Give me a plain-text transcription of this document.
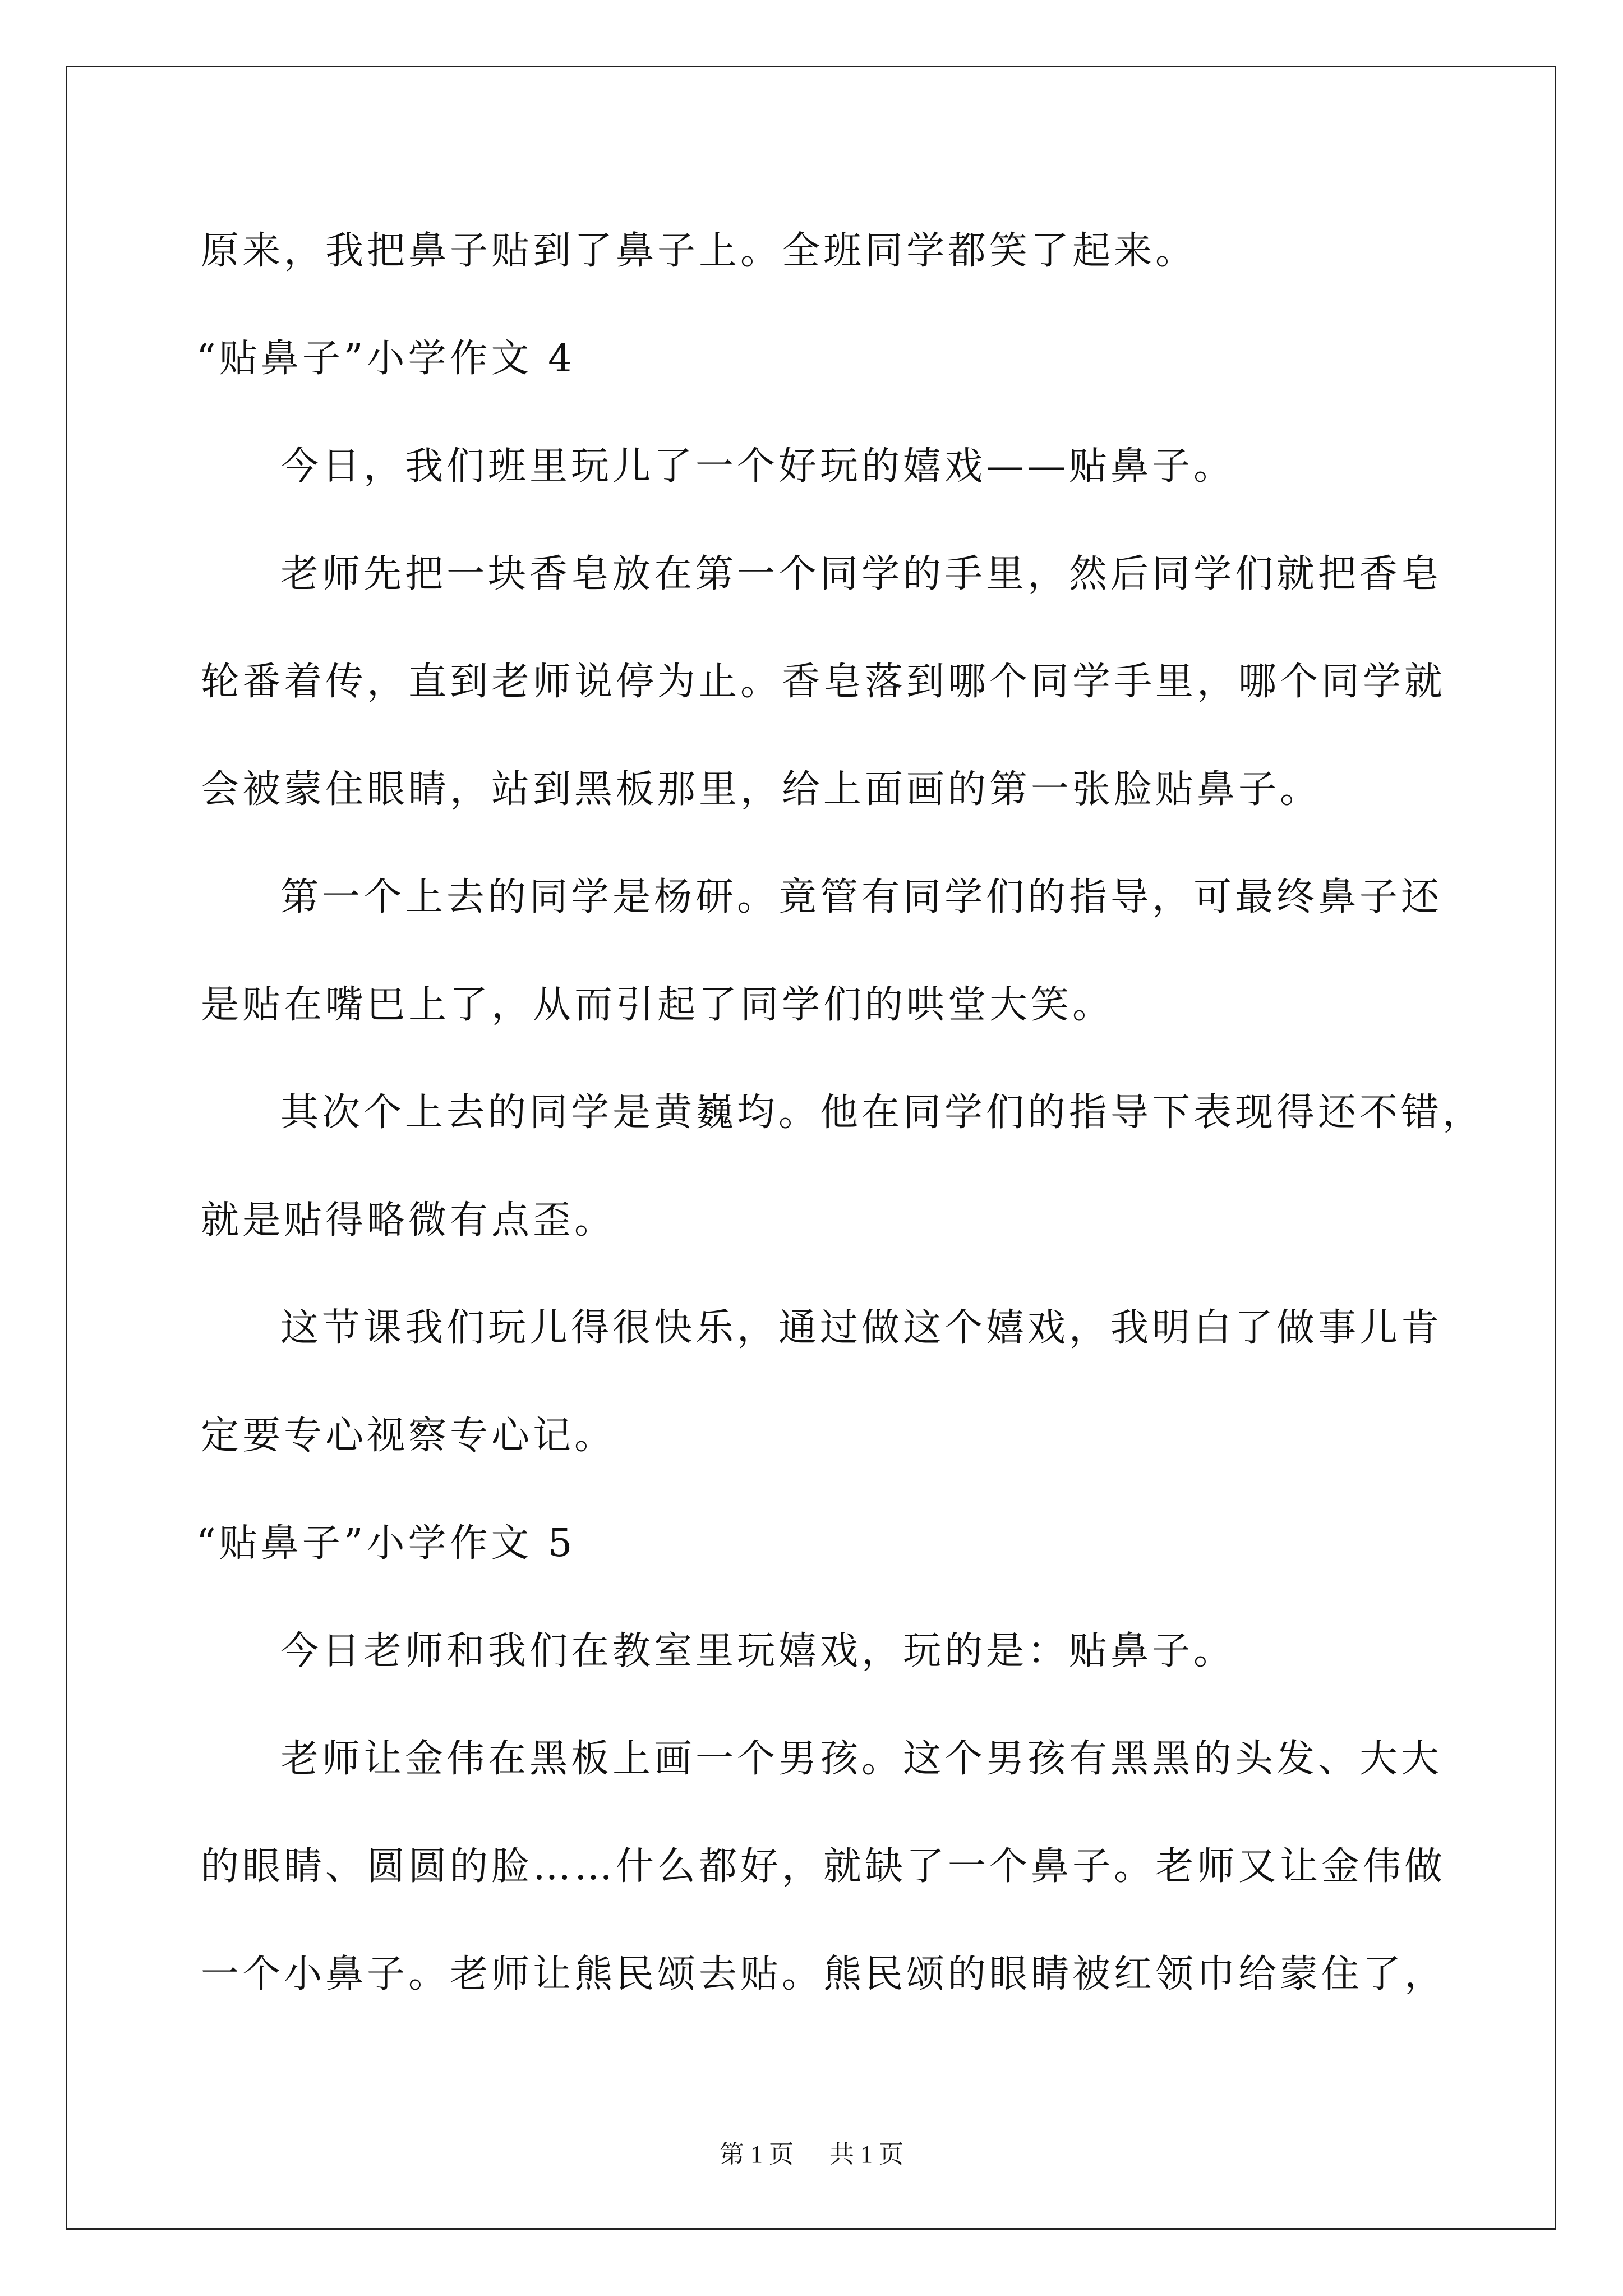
原来，我把鼻子贴到了鼻子上。全班同学都笑了起来。
“贴鼻子”小学作文 4
今日，我们班里玩儿了一个好玩的嬉戏——贴鼻子。
老师先把一块香皂放在第一个同学的手里，然后同学们就把香皂
轮番着传，直到老师说停为止。香皂落到哪个同学手里，哪个同学就
会被蒙住眼睛，站到黑板那里，给上面画的第一张脸贴鼻子。
第一个上去的同学是杨研。竟管有同学们的指导，可最终鼻子还
是贴在嘴巴上了，从而引起了同学们的哄堂大笑。
其次个上去的同学是黄巍均。他在同学们的指导下表现得还不错，
就是贴得略微有点歪。
这节课我们玩儿得很快乐，通过做这个嬉戏，我明白了做事儿肯
定要专心视察专心记。
“贴鼻子”小学作文 5
今日老师和我们在教室里玩嬉戏，玩的是：贴鼻子。
老师让金伟在黑板上画一个男孩。这个男孩有黑黑的头发、大大
的眼睛、圆圆的脸……什么都好，就缺了一个鼻子。老师又让金伟做
一个小鼻子。老师让熊民颂去贴。熊民颂的眼睛被红领巾给蒙住了，
第 1 页 共 1 页
